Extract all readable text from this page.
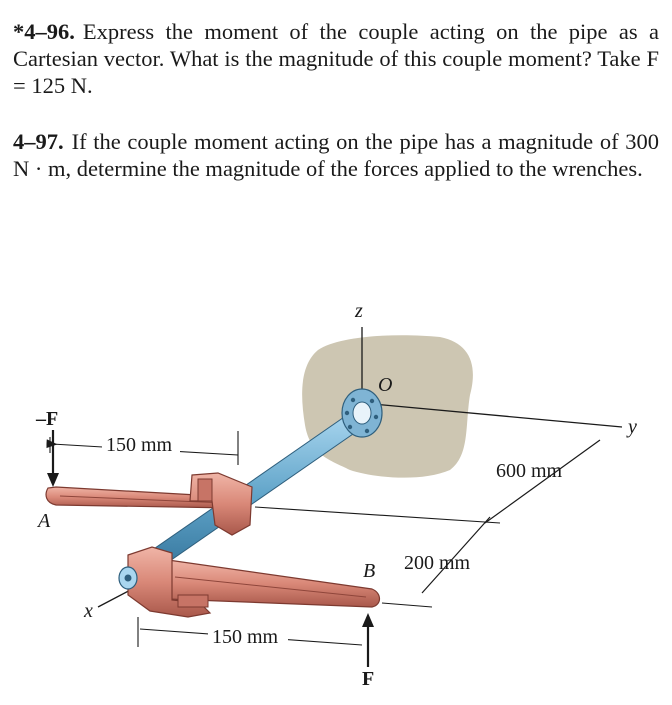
*4–96. Express the moment of the couple acting on the pipe as a Cartesian vector. What is the magnitude of this couple moment? Take F = 125 N.
4–97. If the couple moment acting on the pipe has a magnitude of 300 N · m, determine the magnitude of the forces applied to the wrenches.
z
y
x
O
A
B
–F
F
150 mm
150 mm
600 mm
200 mm
